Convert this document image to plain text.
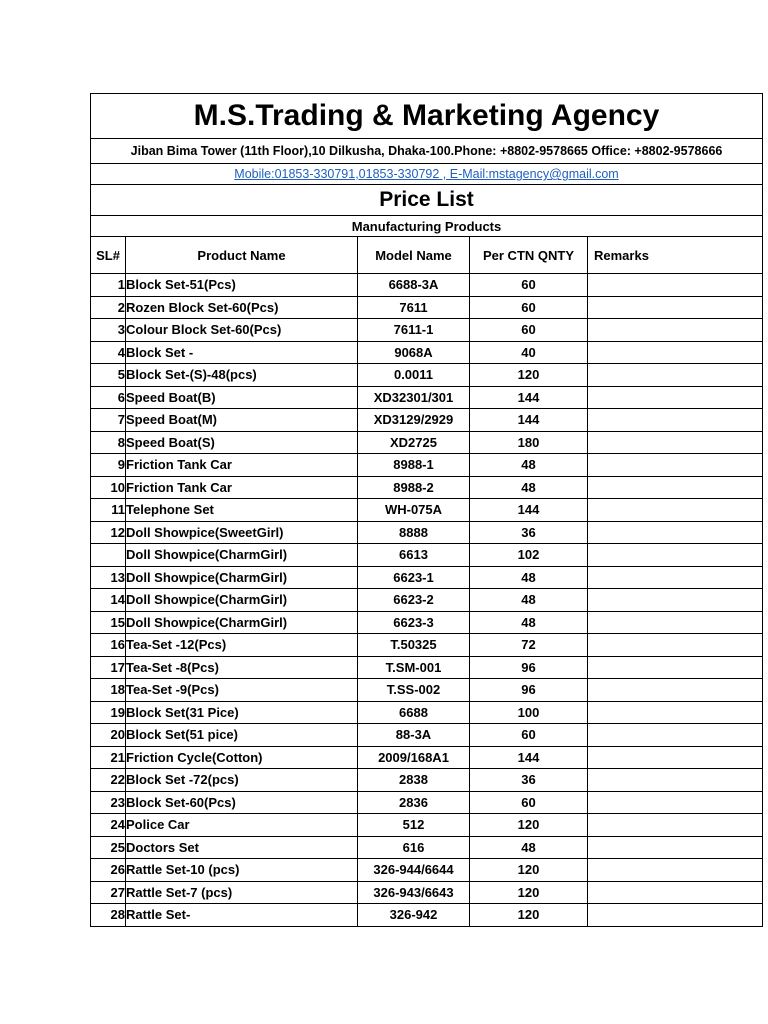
M.S.Trading & Marketing Agency				
Jiban Bima Tower (11th Floor),10 Dilkusha, Dhaka-100.Phone: +8802-9578665 Office: +8802-9578666				
Mobile:01853-330791,01853-330792 , E-Mail:mstagency@gmail.com				
Price List				
Manufacturing Products				
SL#	Product Name	Model Name	Per CTN QNTY	Remarks
1	Block Set-51(Pcs)	6688-3A	60	
2	Rozen Block Set-60(Pcs)	7611	60	
3	Colour Block Set-60(Pcs)	7611-1	60	
4	Block Set -	9068A	40	
5	Block Set-(S)-48(pcs)	0.0011	120	
6	Speed Boat(B)	XD32301/301	144	
7	Speed Boat(M)	XD3129/2929	144	
8	Speed Boat(S)	XD2725	180	
9	Friction Tank Car	8988-1	48	
10	Friction Tank Car	8988-2	48	
11	Telephone Set	WH-075A	144	
12	Doll Showpice(SweetGirl)	8888	36	
	Doll Showpice(CharmGirl)	6613	102	
13	Doll Showpice(CharmGirl)	6623-1	48	
14	Doll Showpice(CharmGirl)	6623-2	48	
15	Doll Showpice(CharmGirl)	6623-3	48	
16	Tea-Set -12(Pcs)	T.50325	72	
17	Tea-Set -8(Pcs)	T.SM-001	96	
18	Tea-Set -9(Pcs)	T.SS-002	96	
19	Block Set(31 Pice)	6688	100	
20	Block Set(51 pice)	88-3A	60	
21	Friction Cycle(Cotton)	2009/168A1	144	
22	Block Set -72(pcs)	2838	36	
23	Block Set-60(Pcs)	2836	60	
24	Police Car	512	120	
25	Doctors Set	616	48	
26	Rattle Set-10 (pcs)	326-944/6644	120	
27	Rattle Set-7 (pcs)	326-943/6643	120	
28	Rattle Set-	326-942	120	
